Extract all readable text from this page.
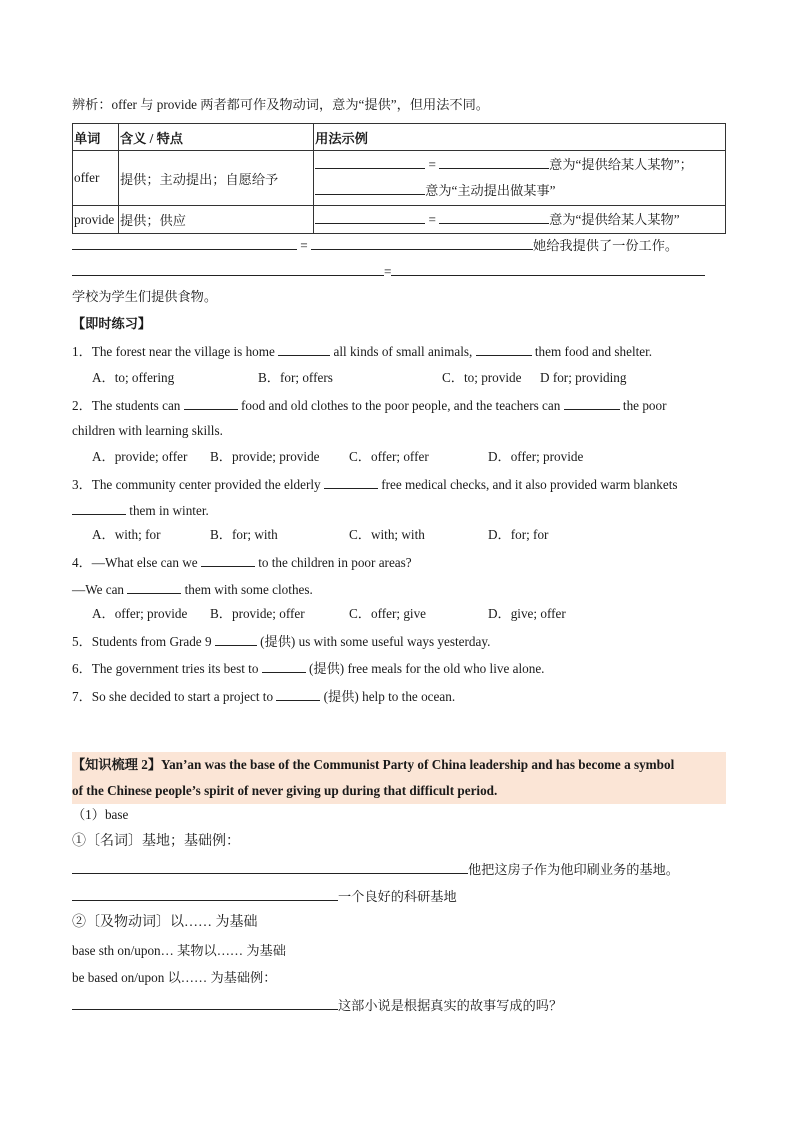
辨析：offer 与 provide 两者都可作及物动词，意为“提供”，但用法不同。
单词	含义 / 特点	用法示例
offer	提供；主动提出；自愿给予	= 意为“提供给某人某物”；
意为“主动提出做某事”

provide	提供；供应	= 意为“提供给某人某物”
=	她给我提供了一份工作。
=
学校为学生们提供食物。
【即时练习】
1．The forest near the village is home	all kinds of small animals,	them food and shelter.
A．to; offering	B．for; offers	C．to; provide D for; providing
2．The students can	food and old clothes to the poor people, and the teachers can	the poor
children with learning skills.
A．provide; offer B．provide; provide C．offer; offer	D．offer; provide
3．The community center provided the elderly	free medical checks, and it also provided warm blankets
them in winter.
A．with; for	B．for; with	C．with; with	D．for; for
4．—What else can we	to the children in poor areas?
—We can	them with some clothes.
A．offer; provide B．provide; offer	C．offer; give	D．give; offer
5．Students from Grade 9	(提供) us with some useful ways yesterday.
6．The government tries its best to	(提供) free meals for the old who live alone.
7．So she decided to start a project to	(提供) help to the ocean.
【知识梳理 2】Yan’an was the base of the Communist Party of China leadership and has become a symbol
of the Chinese people’s spirit of never giving up during that difficult period.
（1）base
①〔名词〕基地；基础例：
他把这房子作为他印刷业务的基地。
一个良好的科研基地
②〔及物动词〕以…… 为基础
base sth on/upon… 某物以…… 为基础
be based on/upon 以…… 为基础例：
这部小说是根据真实的故事写成的吗？
